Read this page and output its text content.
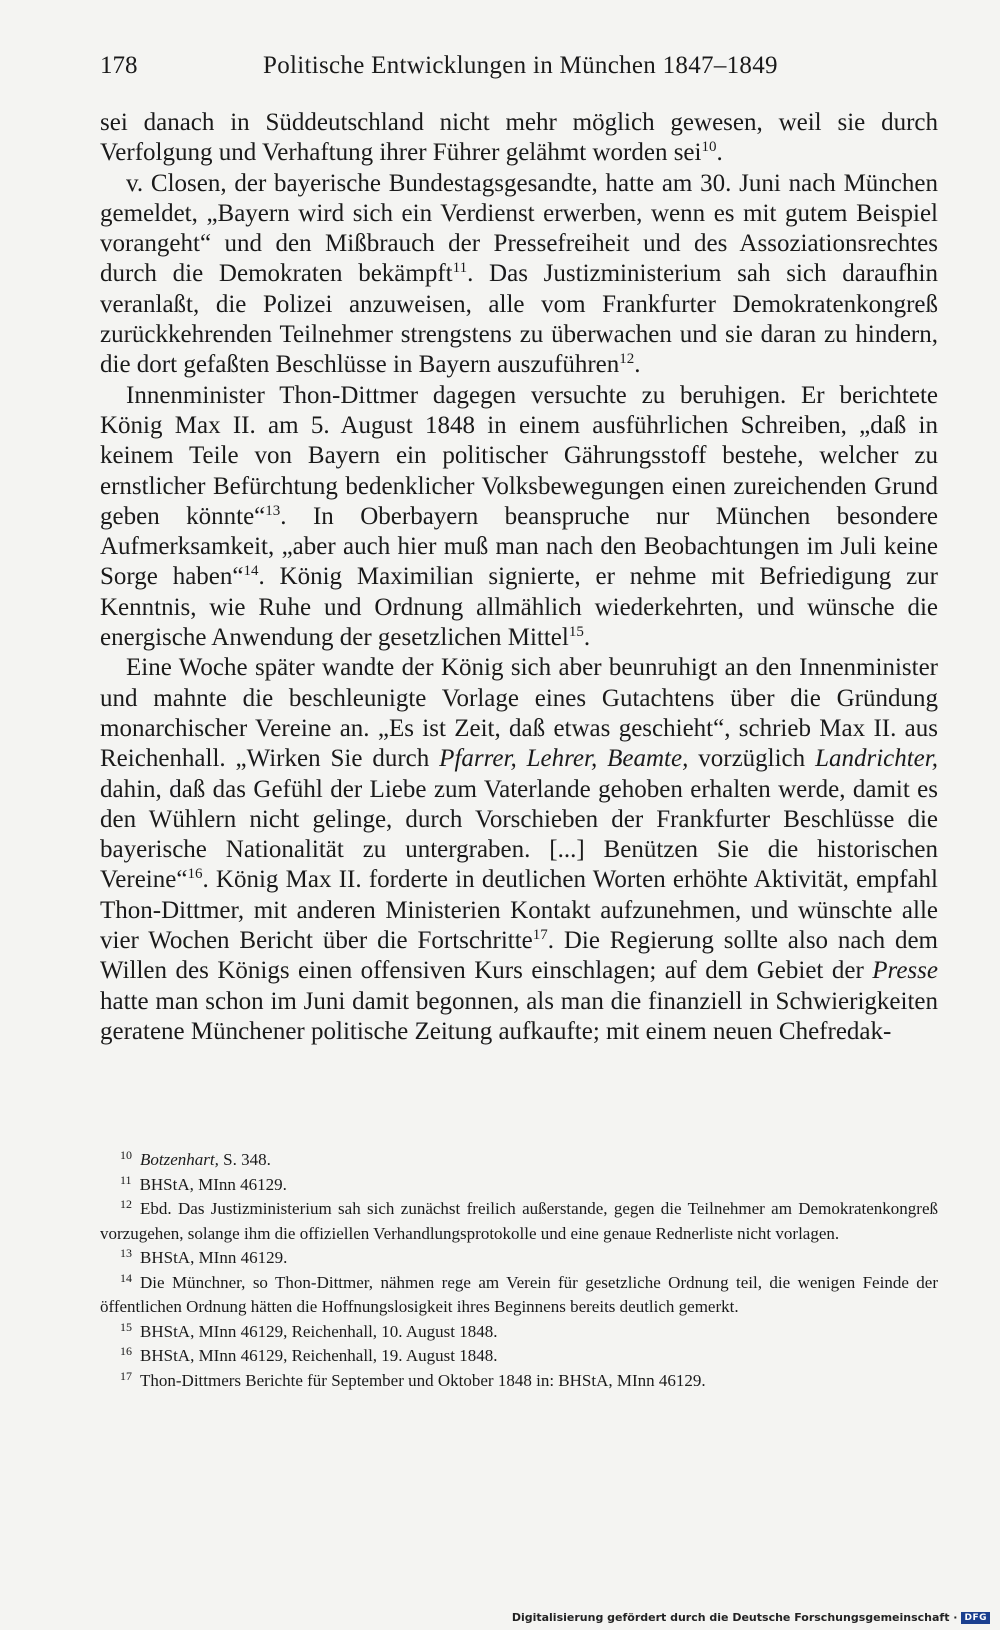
178	Politische Entwicklungen in München 1847–1849

sei danach in Süddeutschland nicht mehr möglich gewesen, weil sie durch Verfolgung und Verhaftung ihrer Führer gelähmt worden sei$^{10}$.

v. Closen, der bayerische Bundestagsgesandte, hatte am 30. Juni nach München gemeldet, „Bayern wird sich ein Verdienst erwerben, wenn es mit gutem Beispiel vorangeht“ und den Mißbrauch der Pressefreiheit und des Assoziationsrechtes durch die Demokraten bekämpft$^{11}$. Das Justizministerium sah sich daraufhin veranlaßt, die Polizei anzuweisen, alle vom Frankfurter Demokratenkongreß zurückkehrenden Teilnehmer strengstens zu überwachen und sie daran zu hindern, die dort gefaßten Beschlüsse in Bayern auszuführen$^{12}$.

Innenminister Thon-Dittmer dagegen versuchte zu beruhigen. Er berichtete König Max II. am 5. August 1848 in einem ausführlichen Schreiben, „daß in keinem Teile von Bayern ein politischer Gährungsstoff bestehe, welcher zu ernstlicher Befürchtung bedenklicher Volksbewegungen einen zureichenden Grund geben könnte“$^{13}$. In Oberbayern beanspruche nur München besondere Aufmerksamkeit, „aber auch hier muß man nach den Beobachtungen im Juli keine Sorge haben“$^{14}$. König Maximilian signierte, er nehme mit Befriedigung zur Kenntnis, wie Ruhe und Ordnung allmählich wiederkehrten, und wünsche die energische Anwendung der gesetzlichen Mittel$^{15}$.

Eine Woche später wandte der König sich aber beunruhigt an den Innenminister und mahnte die beschleunigte Vorlage eines Gutachtens über die Gründung monarchischer Vereine an. „Es ist Zeit, daß etwas geschieht“, schrieb Max II. aus Reichenhall. „Wirken Sie durch Pfarrer, Lehrer, Beamte, vorzüglich Landrichter, dahin, daß das Gefühl der Liebe zum Vaterlande gehoben erhalten werde, damit es den Wühlern nicht gelinge, durch Vorschieben der Frankfurter Beschlüsse die bayerische Nationalität zu untergraben. [...] Benützen Sie die historischen Vereine“$^{16}$. König Max II. forderte in deutlichen Worten erhöhte Aktivität, empfahl Thon-Dittmer, mit anderen Ministerien Kontakt aufzunehmen, und wünschte alle vier Wochen Bericht über die Fortschritte$^{17}$. Die Regierung sollte also nach dem Willen des Königs einen offensiven Kurs einschlagen; auf dem Gebiet der Presse hatte man schon im Juni damit begonnen, als man die finanziell in Schwierigkeiten geratene Münchener politische Zeitung aufkaufte; mit einem neuen Chefredak-

$^{10}$ Botzenhart, S. 348.

$^{11}$ BHStA, MInn 46129.

$^{12}$ Ebd. Das Justizministerium sah sich zunächst freilich außerstande, gegen die Teilnehmer am Demokratenkongreß vorzugehen, solange ihm die offiziellen Verhandlungsprotokolle und eine genaue Rednerliste nicht vorlagen.

$^{13}$ BHStA, MInn 46129.

$^{14}$ Die Münchner, so Thon-Dittmer, nähmen rege am Verein für gesetzliche Ordnung teil, die wenigen Feinde der öffentlichen Ordnung hätten die Hoffnungslosigkeit ihres Beginnens bereits deutlich gemerkt.

$^{15}$ BHStA, MInn 46129, Reichenhall, 10. August 1848.

$^{16}$ BHStA, MInn 46129, Reichenhall, 19. August 1848.

$^{17}$ Thon-Dittmers Berichte für September und Oktober 1848 in: BHStA, MInn 46129.

Digitalisierung gefördert durch die Deutsche Forschungsgemeinschaft · DFG
